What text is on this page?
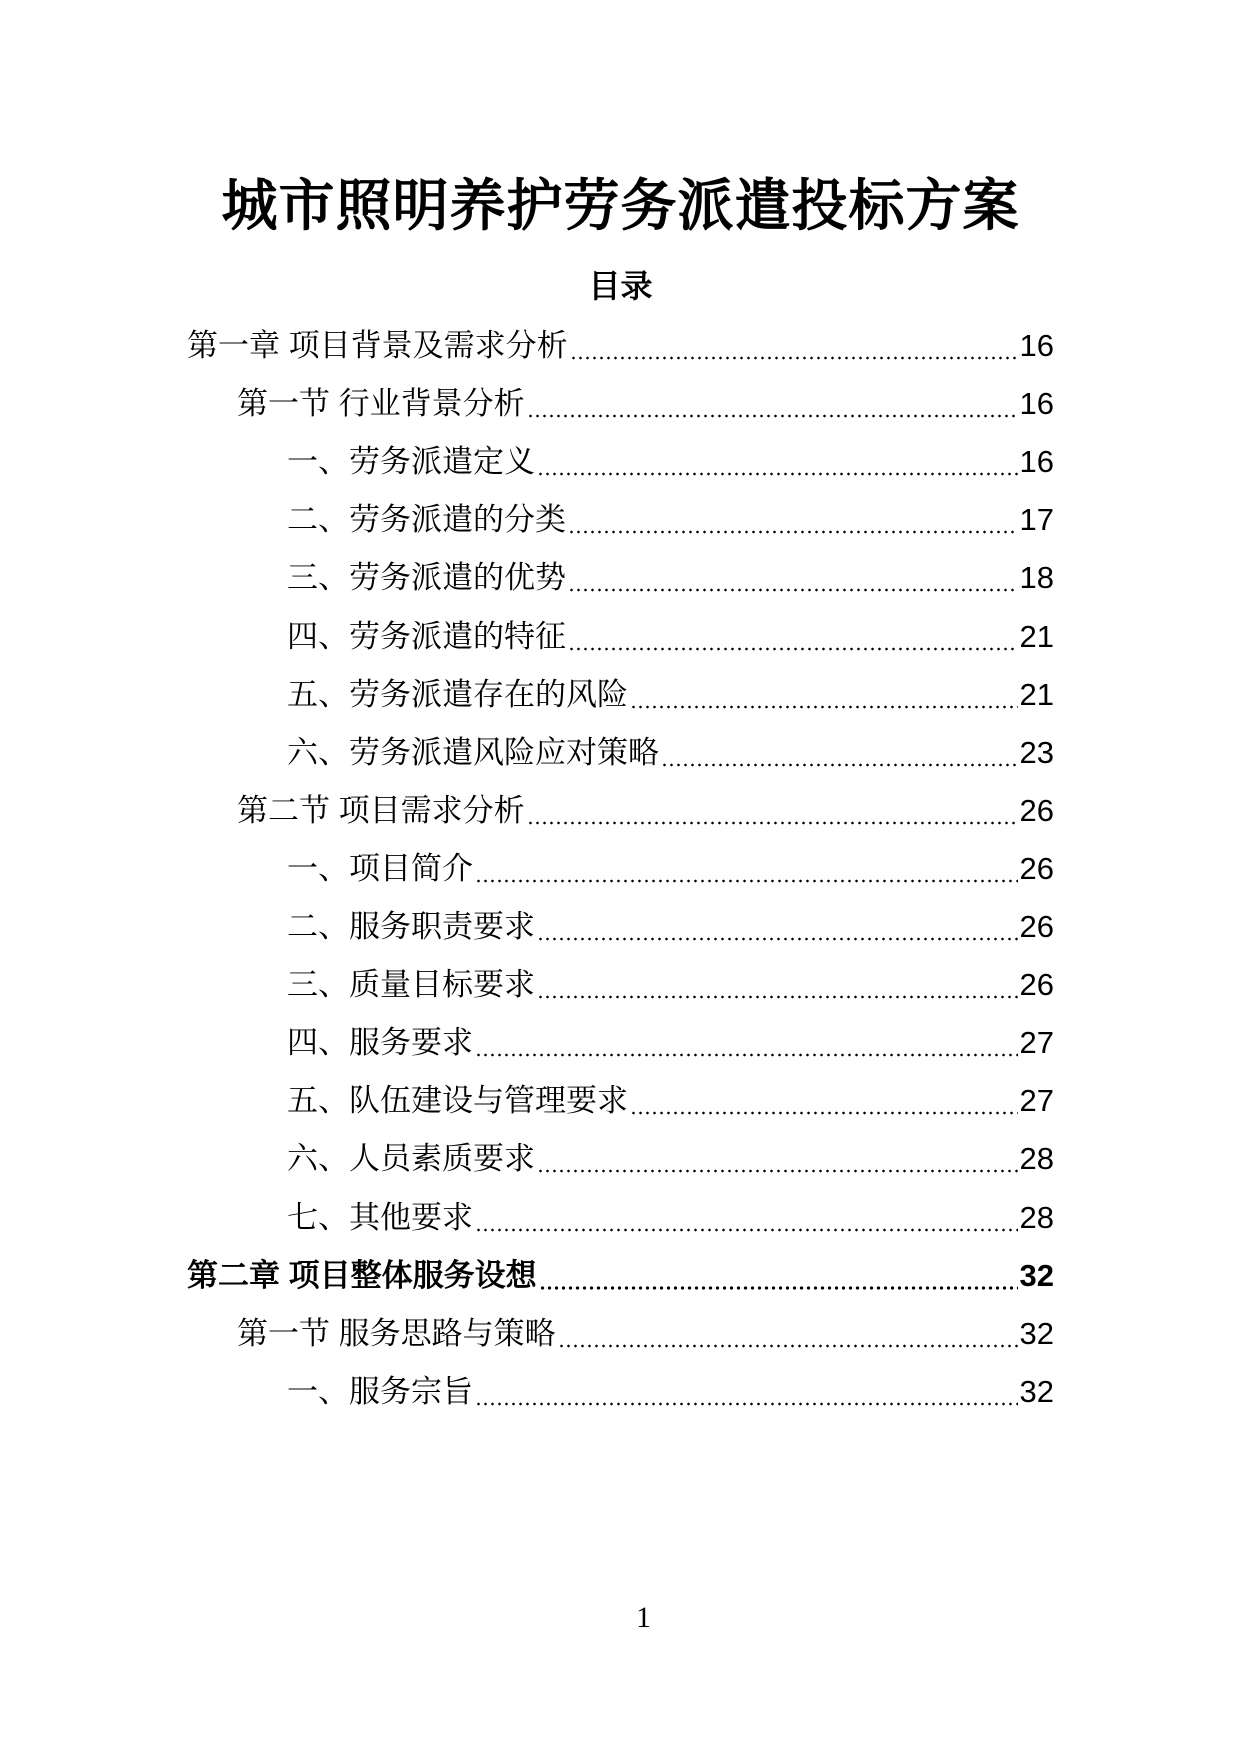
城市照明养护劳务派遣投标方案
目录
第一章 项目背景及需求分析	16
第一节 行业背景分析	16
一、劳务派遣定义	16
二、劳务派遣的分类	17
三、劳务派遣的优势	18
四、劳务派遣的特征	21
五、劳务派遣存在的风险	21
六、劳务派遣风险应对策略	23
第二节 项目需求分析	26
一、项目简介	26
二、服务职责要求	26
三、质量目标要求	26
四、服务要求	27
五、队伍建设与管理要求	27
六、人员素质要求	28
七、其他要求	28
第二章 项目整体服务设想	32
第一节 服务思路与策略	32
一、服务宗旨	32
1
